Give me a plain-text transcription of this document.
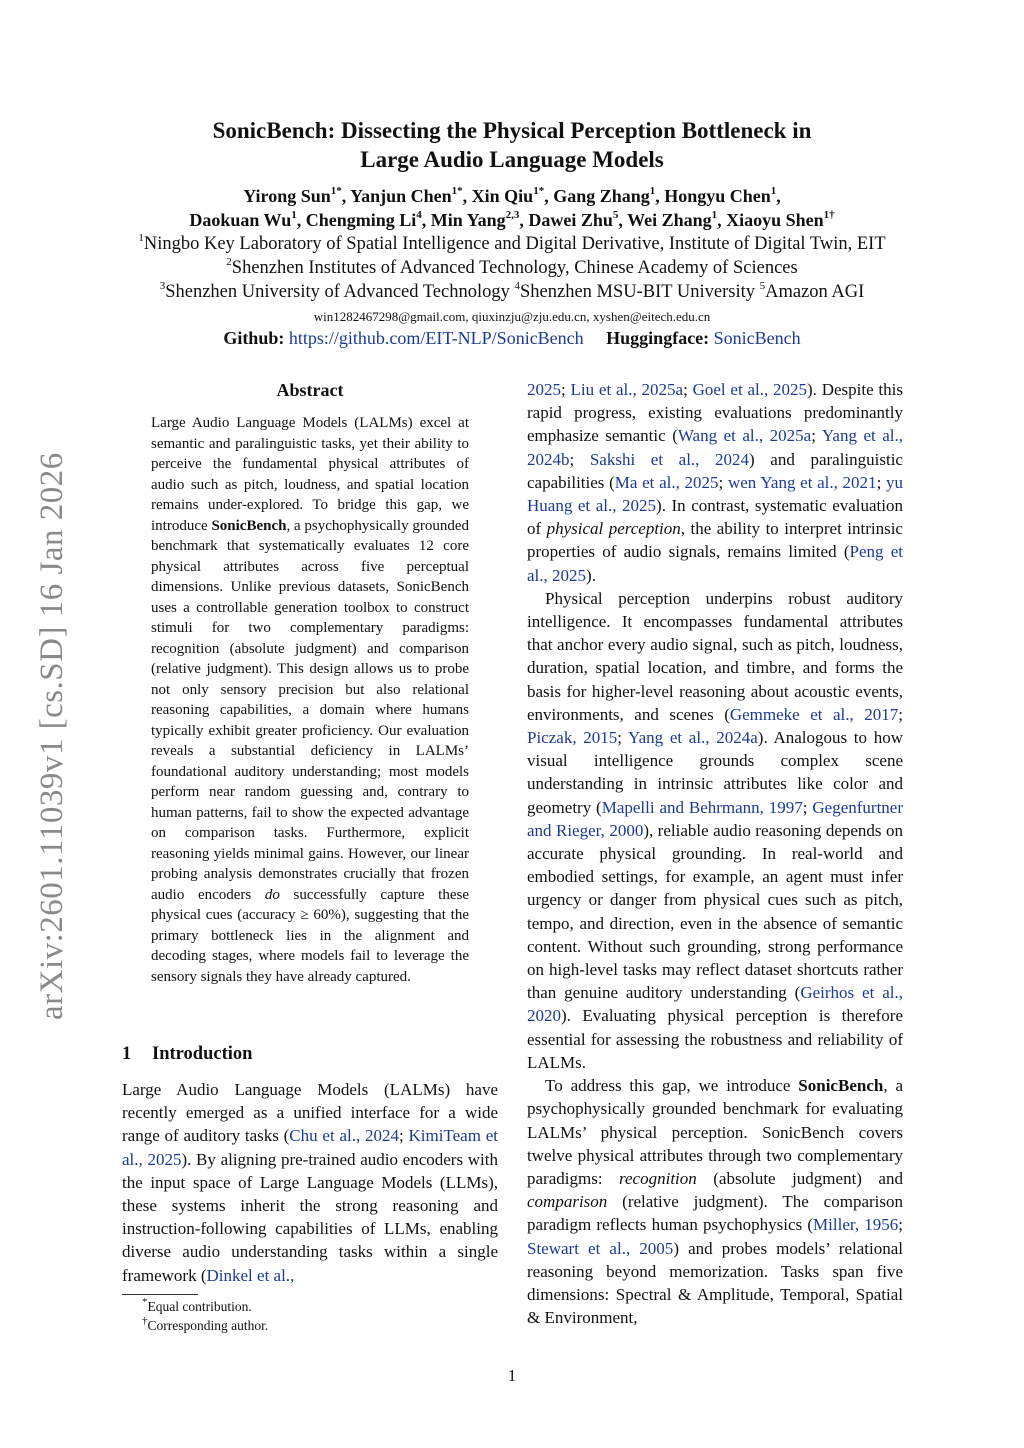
arXiv:2601.11039v1 [cs.SD] 16 Jan 2026
SonicBench: Dissecting the Physical Perception Bottleneck in
Large Audio Language Models
Yirong Sun$^{1*}$, Yanjun Chen$^{1*}$, Xin Qiu$^{1*}$, Gang Zhang$^1$, Hongyu Chen$^1$,
Daokuan Wu$^1$, Chengming Li$^4$, Min Yang$^{2,3}$, Dawei Zhu$^5$, Wei Zhang$^1$, Xiaoyu Shen$^{1\dagger}$
$^1$Ningbo Key Laboratory of Spatial Intelligence and Digital Derivative, Institute of Digital Twin, EIT
$^2$Shenzhen Institutes of Advanced Technology, Chinese Academy of Sciences
$^3$Shenzhen University of Advanced Technology $^4$Shenzhen MSU-BIT University $^5$Amazon AGI
win1282467298@gmail.com, qiuxinzju@zju.edu.cn, xyshen@eitech.edu.cn
Github: https://github.com/EIT-NLP/SonicBench Huggingface: SonicBench
Abstract
Large Audio Language Models (LALMs) excel at semantic and paralinguistic tasks, yet their ability to perceive the fundamental physical attributes of audio such as pitch, loudness, and spatial location remains under-explored. To bridge this gap, we introduce SonicBench, a psychophysically grounded benchmark that systematically evaluates 12 core physical attributes across five perceptual dimensions. Unlike previous datasets, SonicBench uses a controllable generation toolbox to construct stimuli for two complementary paradigms: recognition (absolute judgment) and comparison (relative judgment). This design allows us to probe not only sensory precision but also relational reasoning capabilities, a domain where humans typically exhibit greater proficiency. Our evaluation reveals a substantial deficiency in LALMs’ foundational auditory understanding; most models perform near random guessing and, contrary to human patterns, fail to show the expected advantage on comparison tasks. Furthermore, explicit reasoning yields minimal gains. However, our linear probing analysis demonstrates crucially that frozen audio encoders do successfully capture these physical cues (accuracy ≥ 60%), suggesting that the primary bottleneck lies in the alignment and decoding stages, where models fail to leverage the sensory signals they have already captured.
1 Introduction

Large Audio Language Models (LALMs) have recently emerged as a unified interface for a wide range of auditory tasks (Chu et al., 2024; KimiTeam et al., 2025). By aligning pre-trained audio encoders with the input space of Large Language Models (LLMs), these systems inherit the strong reasoning and instruction-following capabilities of LLMs, enabling diverse audio understanding tasks within a single framework (Dinkel et al.,

2025; Liu et al., 2025a; Goel et al., 2025). Despite this rapid progress, existing evaluations predominantly emphasize semantic (Wang et al., 2025a; Yang et al., 2024b; Sakshi et al., 2024) and paralinguistic capabilities (Ma et al., 2025; wen Yang et al., 2021; yu Huang et al., 2025). In contrast, systematic evaluation of physical perception, the ability to interpret intrinsic properties of audio signals, remains limited (Peng et al., 2025).

Physical perception underpins robust auditory intelligence. It encompasses fundamental attributes that anchor every audio signal, such as pitch, loudness, duration, spatial location, and timbre, and forms the basis for higher-level reasoning about acoustic events, environments, and scenes (Gemmeke et al., 2017; Piczak, 2015; Yang et al., 2024a). Analogous to how visual intelligence grounds complex scene understanding in intrinsic attributes like color and geometry (Mapelli and Behrmann, 1997; Gegenfurtner and Rieger, 2000), reliable audio reasoning depends on accurate physical grounding. In real-world and embodied settings, for example, an agent must infer urgency or danger from physical cues such as pitch, tempo, and direction, even in the absence of semantic content. Without such grounding, strong performance on high-level tasks may reflect dataset shortcuts rather than genuine auditory understanding (Geirhos et al., 2020). Evaluating physical perception is therefore essential for assessing the robustness and reliability of LALMs.

To address this gap, we introduce SonicBench, a psychophysically grounded benchmark for evaluating LALMs’ physical perception. SonicBench covers twelve physical attributes through two complementary paradigms: recognition (absolute judgment) and comparison (relative judgment). The comparison paradigm reflects human psychophysics (Miller, 1956; Stewart et al., 2005) and probes models’ relational reasoning beyond memorization. Tasks span five dimensions: Spectral & Amplitude, Temporal, Spatial & Environment,

*Equal contribution.
†Corresponding author.
1
